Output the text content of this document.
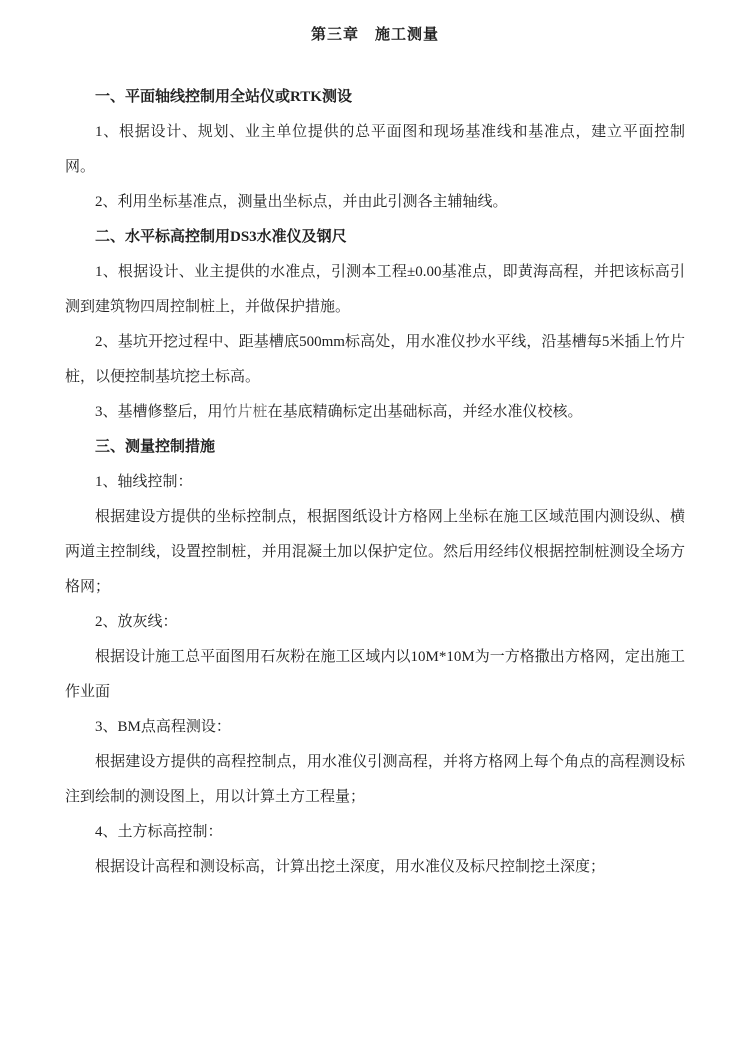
第三章　施工测量
一、平面轴线控制用全站仪或RTK测设
1、根据设计、规划、业主单位提供的总平面图和现场基准线和基准点，建立平面控制网。
2、利用坐标基准点，测量出坐标点，并由此引测各主辅轴线。
二、水平标高控制用DS3水准仪及钢尺
1、根据设计、业主提供的水准点，引测本工程±0.00基准点，即黄海高程，并把该标高引测到建筑物四周控制桩上，并做保护措施。
2、基坑开挖过程中、距基槽底500mm标高处，用水准仪抄水平线，沿基槽每5米插上竹片桩，以便控制基坑挖土标高。
3、基槽修整后，用竹片桩在基底精确标定出基础标高，并经水准仪校核。
三、测量控制措施
1、轴线控制：
根据建设方提供的坐标控制点，根据图纸设计方格网上坐标在施工区域范围内测设纵、横两道主控制线，设置控制桩，并用混凝土加以保护定位。然后用经纬仪根据控制桩测设全场方格网；
2、放灰线：
根据设计施工总平面图用石灰粉在施工区域内以10M*10M为一方格撒出方格网，定出施工作业面
3、BM点高程测设：
根据建设方提供的高程控制点，用水准仪引测高程，并将方格网上每个角点的高程测设标注到绘制的测设图上，用以计算土方工程量；
4、土方标高控制：
根据设计高程和测设标高，计算出挖土深度，用水准仪及标尺控制挖土深度；
